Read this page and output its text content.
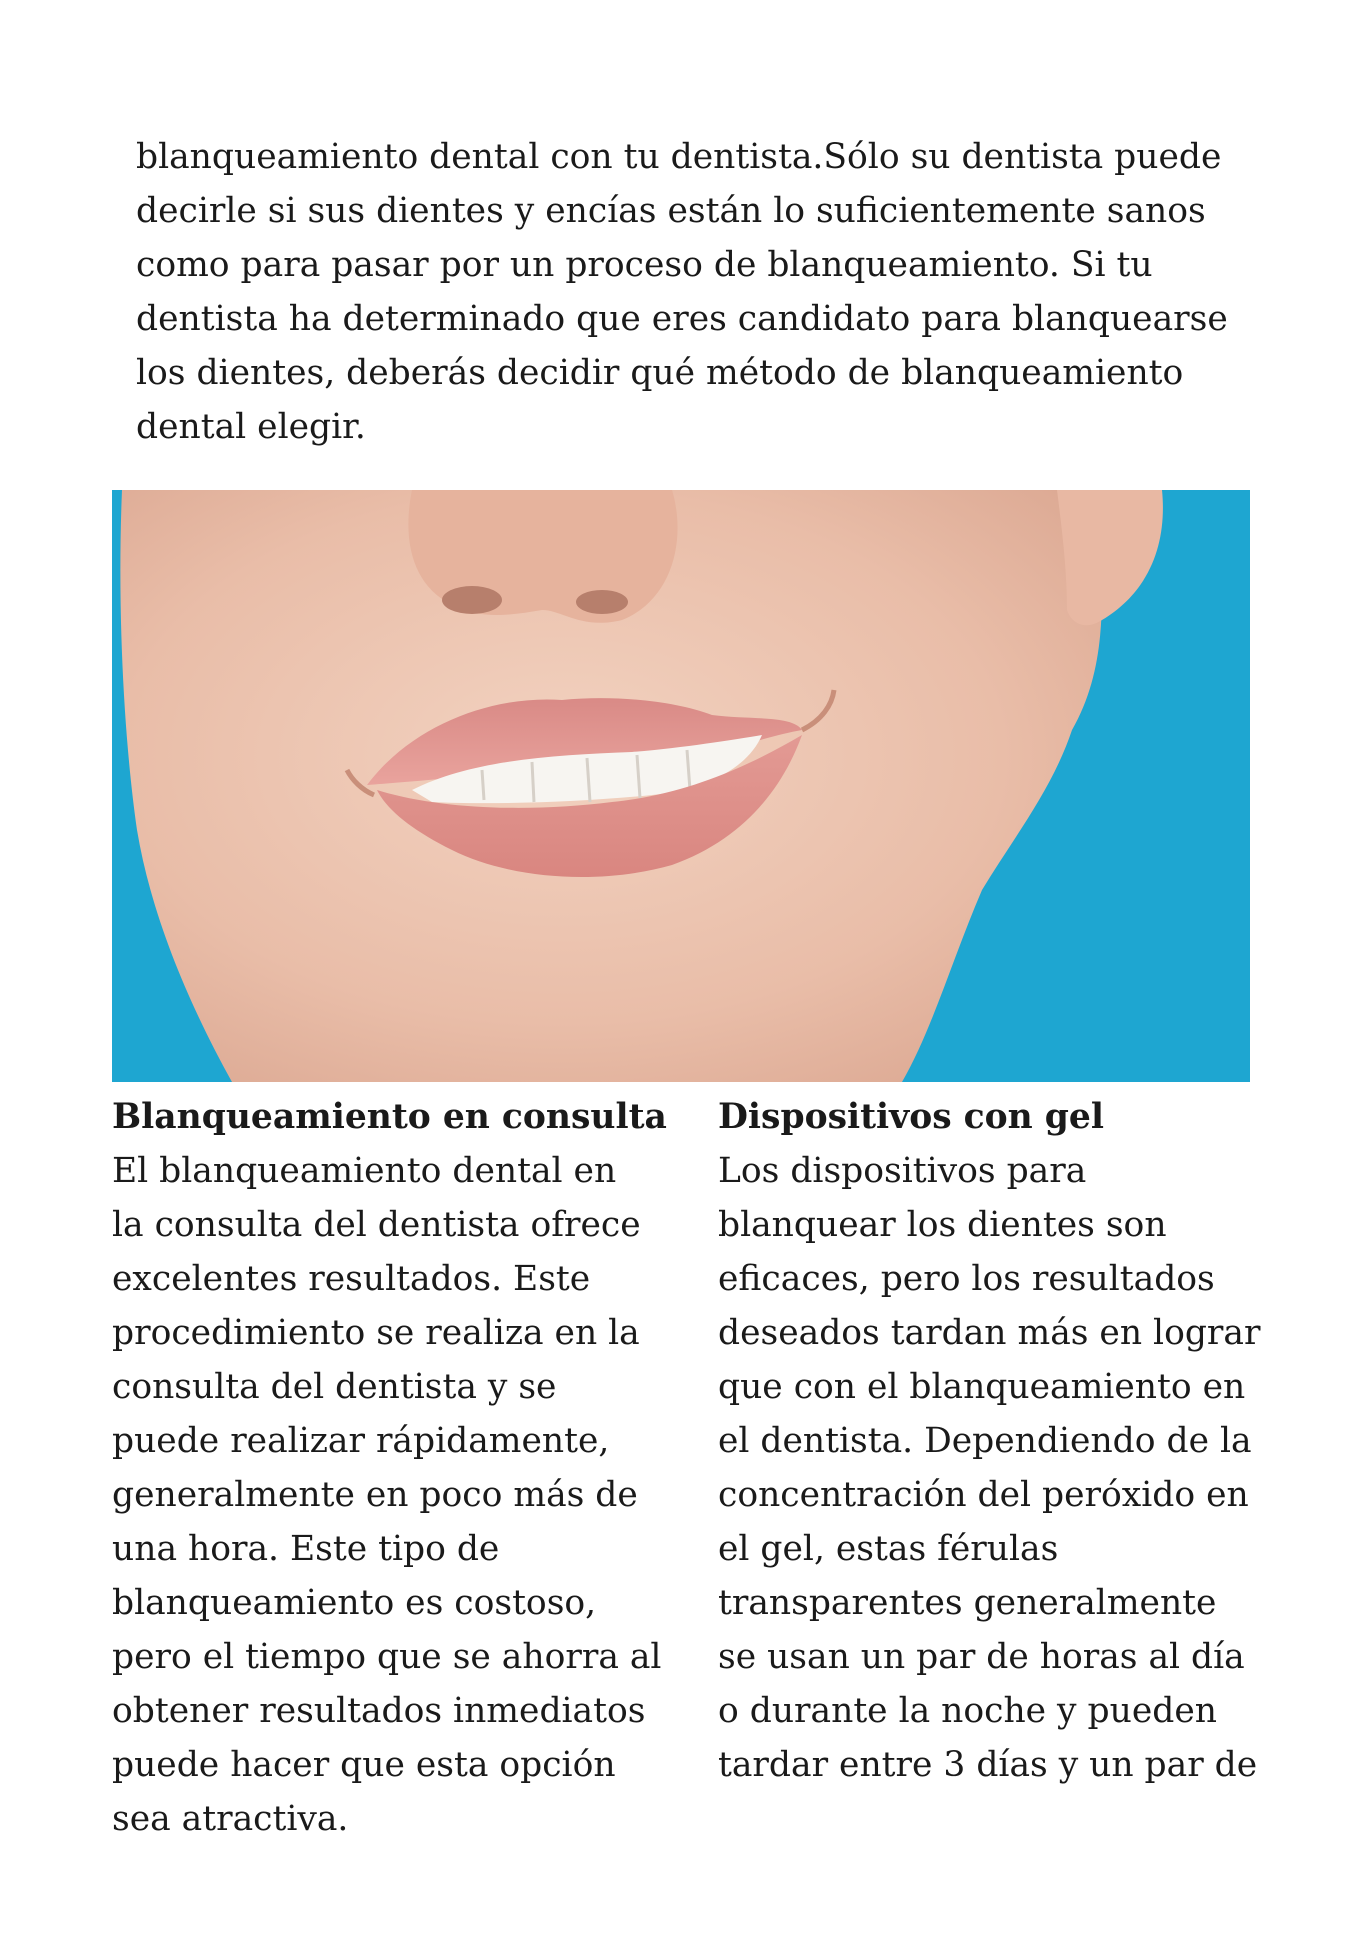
blanqueamiento dental con tu dentista.Sólo su dentista puede decirle si sus dientes y encías están lo suficientemente sanos como para pasar por un proceso de blanqueamiento. Si tu dentista ha determinado que eres candidato para blanquearse los dientes, deberás decidir qué método de blanqueamiento dental elegir.

Blanqueamiento en consulta
El blanqueamiento dental en
la consulta del dentista ofrece
excelentes resultados. Este
procedimiento se realiza en la
consulta del dentista y se
puede realizar rápidamente,
generalmente en poco más de
una hora. Este tipo de
blanqueamiento es costoso,
pero el tiempo que se ahorra al
obtener resultados inmediatos
puede hacer que esta opción
sea atractiva.
Dispositivos con gel
Los dispositivos para
blanquear los dientes son
eficaces, pero los resultados
deseados tardan más en lograr
que con el blanqueamiento en
el dentista. Dependiendo de la
concentración del peróxido en
el gel, estas férulas
transparentes generalmente
se usan un par de horas al día
o durante la noche y pueden
tardar entre 3 días y un par de
